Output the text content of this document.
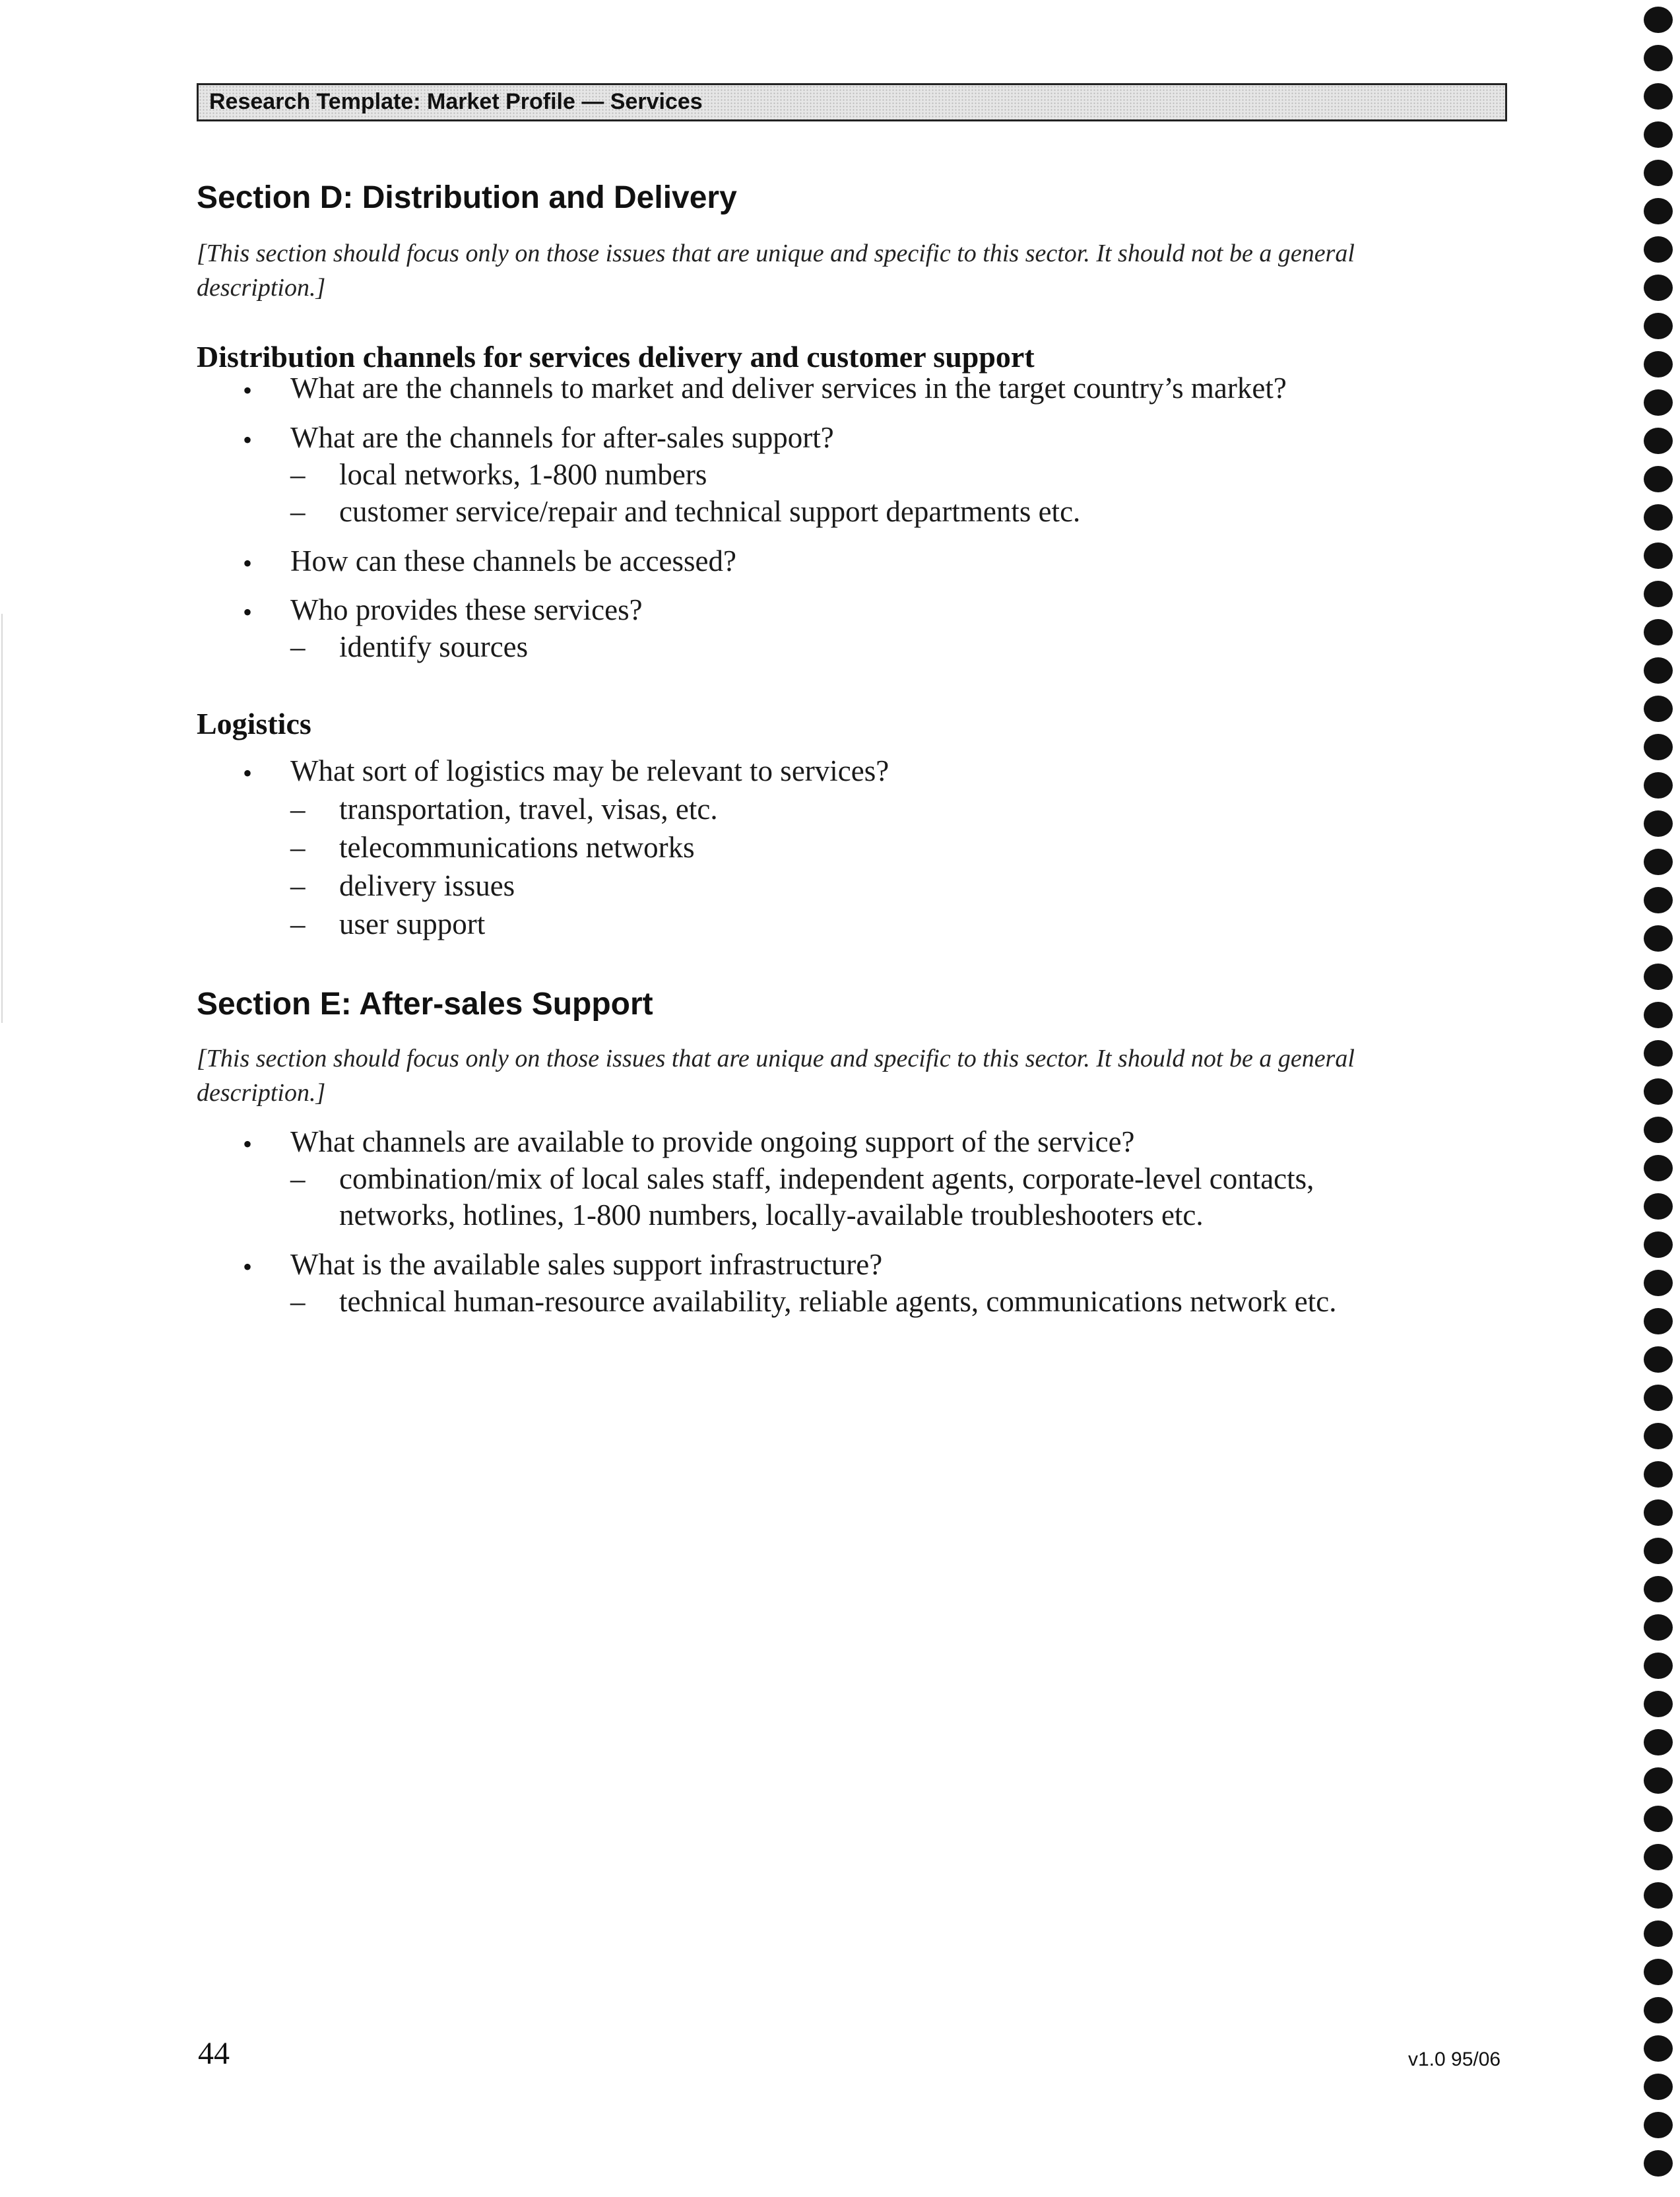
Research Template: Market Profile — Services
Section D: Distribution and Delivery
[This section should focus only on those issues that are unique and specific to this sector. It should not be a general
description.]
Distribution channels for services delivery and customer support
• What are the channels to market and deliver services in the target country’s market?
• What are the channels for after-sales support?
– local networks, 1-800 numbers
– customer service/repair and technical support departments etc.
• How can these channels be accessed?
• Who provides these services?
– identify sources
Logistics
• What sort of logistics may be relevant to services?
– transportation, travel, visas, etc.
– telecommunications networks
– delivery issues
– user support
Section E: After-sales Support
[This section should focus only on those issues that are unique and specific to this sector. It should not be a general
description.]
• What channels are available to provide ongoing support of the service?
– combination/mix of local sales staff, independent agents, corporate-level contacts,
networks, hotlines, 1-800 numbers, locally-available troubleshooters etc.
• What is the available sales support infrastructure?
– technical human-resource availability, reliable agents, communications network etc.
44	v1.0 95/06
